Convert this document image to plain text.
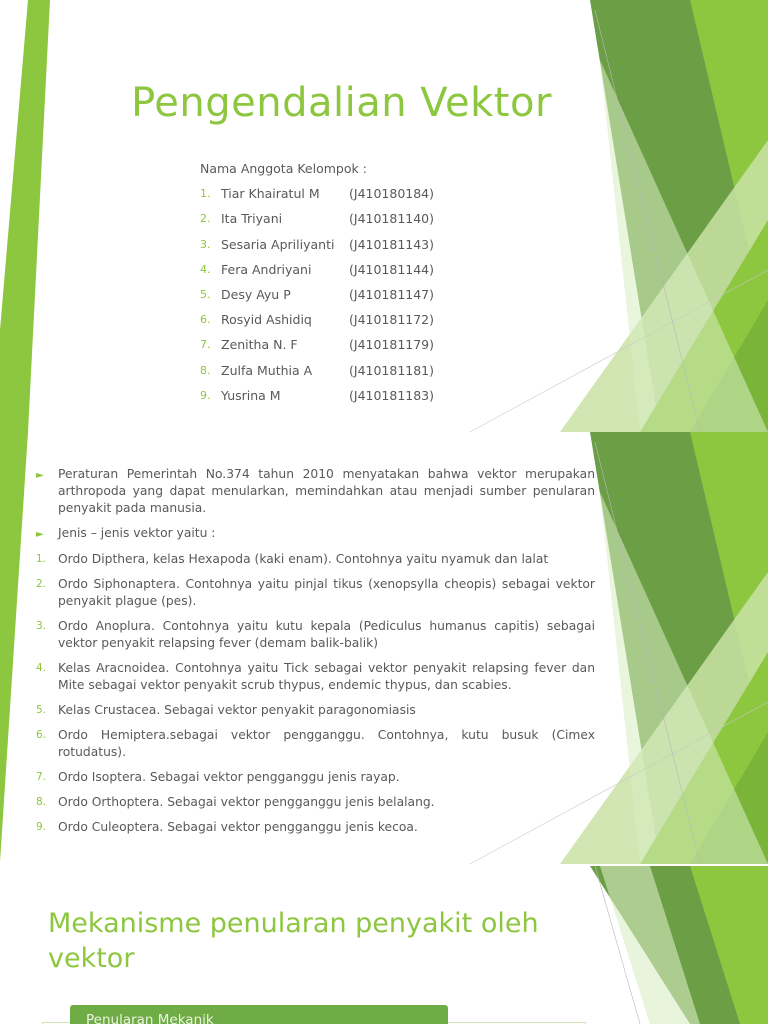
Pengendalian Vektor
Nama Anggota Kelompok :
1. Tiar Khairatul M	(J410180184)
2. Ita Triyani	(J410181140)
3. Sesaria Apriliyanti	(J410181143)
4. Fera Andriyani	(J410181144)
5. Desy Ayu P	(J410181147)
6. Rosyid Ashidiq	(J410181172)
7. Zenitha N. F	(J410181179)
8. Zulfa Muthia A	(J410181181)
9. Yusrina M	(J410181183)
►	Peraturan Pemerintah No.374 tahun 2010 menyatakan bahwa vektor merupakan arthropoda yang dapat menularkan, memindahkan atau menjadi sumber penularan penyakit pada manusia.
►	Jenis – jenis vektor yaitu :
1. Ordo Dipthera, kelas Hexapoda (kaki enam). Contohnya yaitu nyamuk dan lalat
2. Ordo Siphonaptera. Contohnya yaitu pinjal tikus (xenopsylla cheopis) sebagai vektor penyakit plague (pes).
3. Ordo Anoplura. Contohnya yaitu kutu kepala (Pediculus humanus capitis) sebagai vektor penyakit relapsing fever (demam balik-balik)
4. Kelas Aracnoidea. Contohnya yaitu Tick sebagai vektor penyakit relapsing fever dan Mite sebagai vektor penyakit scrub thypus, endemic thypus, dan scabies.
5. Kelas Crustacea. Sebagai vektor penyakit paragonomiasis
6. Ordo Hemiptera.sebagai vektor pengganggu. Contohnya, kutu busuk (Cimex rotudatus).
7. Ordo Isoptera. Sebagai vektor pengganggu jenis rayap.
8. Ordo Orthoptera. Sebagai vektor pengganggu jenis belalang.
9. Ordo Culeoptera. Sebagai vektor pengganggu jenis kecoa.
Mekanisme penularan penyakit oleh vektor
Penularan Mekanik
